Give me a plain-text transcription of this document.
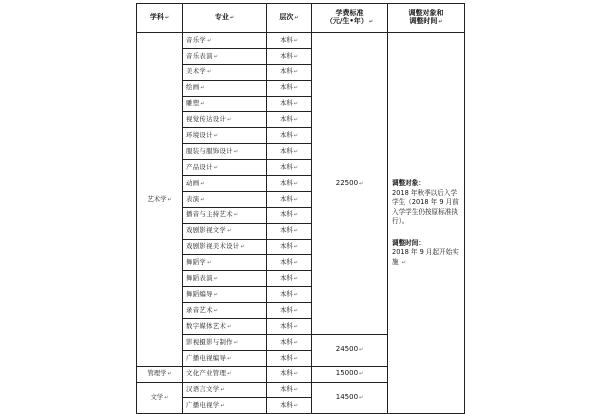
学科↵	专业↵	层次↵	学费标准
（元/生•年）↵	调整对象和
调整时间↵
艺术学↵	音乐学↵	本科↵	22500↵	调整对象：
2018 年秋季以后入学学生（2018 年 9 月前入学学生仍按原标准执行）。
调整时间：
2018 年 9 月起开始实施 ↵
	音乐表演↵	本科↵		
	美术学↵	本科↵		
	绘画↵	本科↵		
	雕塑↵	本科↵		
	视觉传达设计↵	本科↵		
	环境设计↵	本科↵		
	服装与服饰设计↵	本科↵		
	产品设计↵	本科↵		
	动画↵	本科↵		
	表演↵	本科↵		
	播音与主持艺术↵	本科↵		
	戏剧影视文学↵	本科↵		
	戏剧影视美术设计↵	本科↵		
	舞蹈学↵	本科↵		
	舞蹈表演↵	本科↵		
	舞蹈编导↵	本科↵		
	录音艺术↵	本科↵		
	数字媒体艺术↵	本科↵		
	影视摄影与制作↵	本科↵	24500↵	
	广播电视编导↵	本科↵		
管理学↵	文化产业管理↵	本科↵	15000↵	
文学↵	汉语言文学↵	本科↵	14500↵	
	广播电视学↵	本科↵		
